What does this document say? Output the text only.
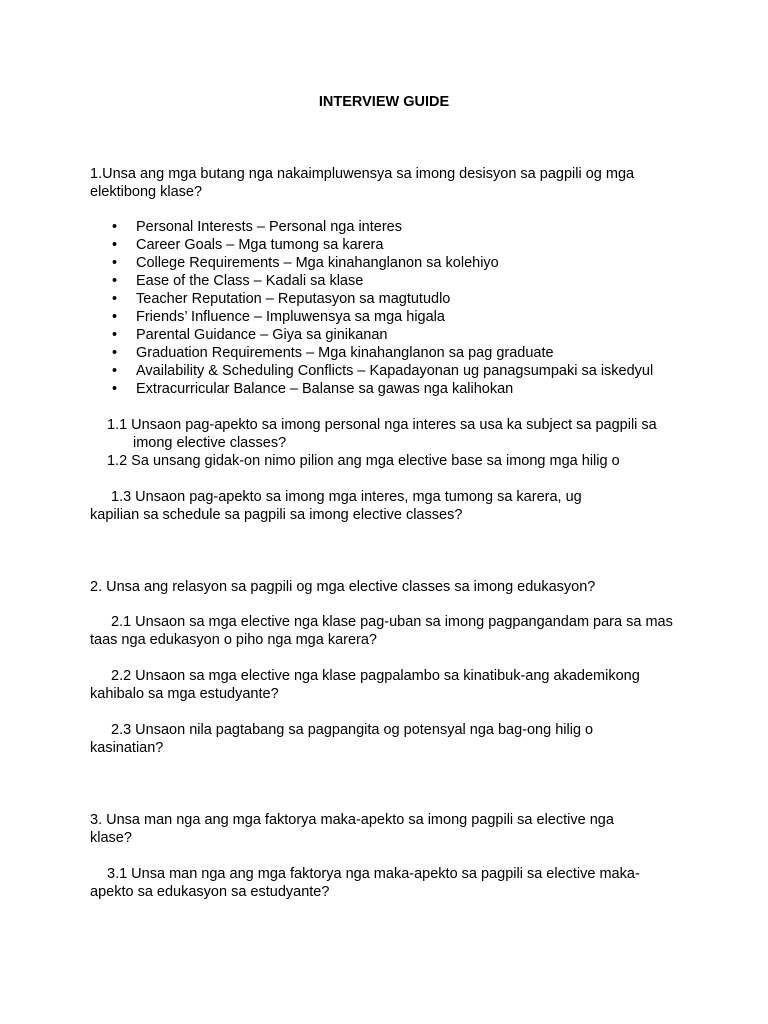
INTERVIEW GUIDE
1.Unsa ang mga butang nga nakaimpluwensya sa imong desisyon sa pagpili og mga elektibong klase?
• Personal Interests – Personal nga interes
• Career Goals – Mga tumong sa karera
• College Requirements – Mga kinahanglanon sa kolehiyo
• Ease of the Class – Kadali sa klase
• Teacher Reputation – Reputasyon sa magtutudlo
• Friends’ Influence – Impluwensya sa mga higala
• Parental Guidance – Giya sa ginikanan
• Graduation Requirements – Mga kinahanglanon sa pag graduate
• Availability & Scheduling Conflicts – Kapadayonan ug panagsumpaki sa iskedyul
• Extracurricular Balance – Balanse sa gawas nga kalihokan
1.1 Unsaon pag-apekto sa imong personal nga interes sa usa ka subject sa pagpili sa imong elective classes?
1.2 Sa unsang gidak-on nimo pilion ang mga elective base sa imong mga hilig o
1.3 Unsaon pag-apekto sa imong mga interes, mga tumong sa karera, ug kapilian sa schedule sa pagpili sa imong elective classes?
2. Unsa ang relasyon sa pagpili og mga elective classes sa imong edukasyon?
2.1 Unsaon sa mga elective nga klase pag-uban sa imong pagpangandam para sa mas taas nga edukasyon o piho nga mga karera?
2.2 Unsaon sa mga elective nga klase pagpalambo sa kinatibuk-ang akademikong kahibalo sa mga estudyante?
2.3 Unsaon nila pagtabang sa pagpangita og potensyal nga bag-ong hilig o kasinatian?
3. Unsa man nga ang mga faktorya maka-apekto sa imong pagpili sa elective nga klase?
3.1 Unsa man nga ang mga faktorya nga maka-apekto sa pagpili sa elective maka-apekto sa edukasyon sa estudyante?
